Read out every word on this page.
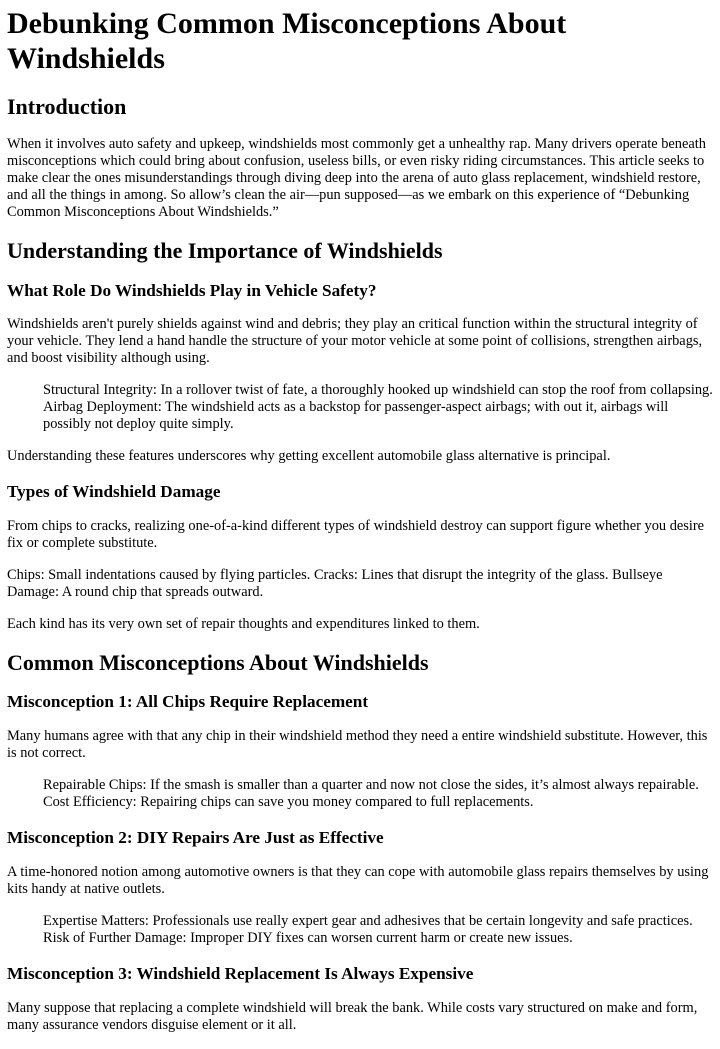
Debunking Common Misconceptions About Windshields
Introduction

When it involves auto safety and upkeep, windshields most commonly get a unhealthy rap. Many drivers operate beneath misconceptions which could bring about confusion, useless bills, or even risky riding circumstances. This article seeks to make clear the ones misunderstandings through diving deep into the arena of auto glass replacement, windshield restore, and all the things in among. So allow’s clean the air—pun supposed—as we embark on this experience of “Debunking Common Misconceptions About Windshields.”

Understanding the Importance of Windshields
What Role Do Windshields Play in Vehicle Safety?

Windshields aren't purely shields against wind and debris; they play an critical function within the structural integrity of your vehicle. They lend a hand handle the structure of your motor vehicle at some point of collisions, strengthen airbags, and boost visibility although using.

Structural Integrity: In a rollover twist of fate, a thoroughly hooked up windshield can stop the roof from collapsing. Airbag Deployment: The windshield acts as a backstop for passenger-aspect airbags; with out it, airbags will possibly not deploy quite simply.

Understanding these features underscores why getting excellent automobile glass alternative is principal.

Types of Windshield Damage

From chips to cracks, realizing one-of-a-kind different types of windshield destroy can support figure whether you desire fix or complete substitute.

Chips: Small indentations caused by flying particles. Cracks: Lines that disrupt the integrity of the glass. Bullseye Damage: A round chip that spreads outward.

Each kind has its very own set of repair thoughts and expenditures linked to them.

Common Misconceptions About Windshields
Misconception 1: All Chips Require Replacement

Many humans agree with that any chip in their windshield method they need a entire windshield substitute. However, this is not correct.

Repairable Chips: If the smash is smaller than a quarter and now not close the sides, it’s almost always repairable. Cost Efficiency: Repairing chips can save you money compared to full replacements.
Misconception 2: DIY Repairs Are Just as Effective

A time-honored notion among automotive owners is that they can cope with automobile glass repairs themselves by using kits handy at native outlets.

Expertise Matters: Professionals use really expert gear and adhesives that be certain longevity and safe practices. Risk of Further Damage: Improper DIY fixes can worsen current harm or create new issues.
Misconception 3: Windshield Replacement Is Always Expensive

Many suppose that replacing a complete windshield will break the bank. While costs vary structured on make and form, many assurance vendors disguise element or it all.
